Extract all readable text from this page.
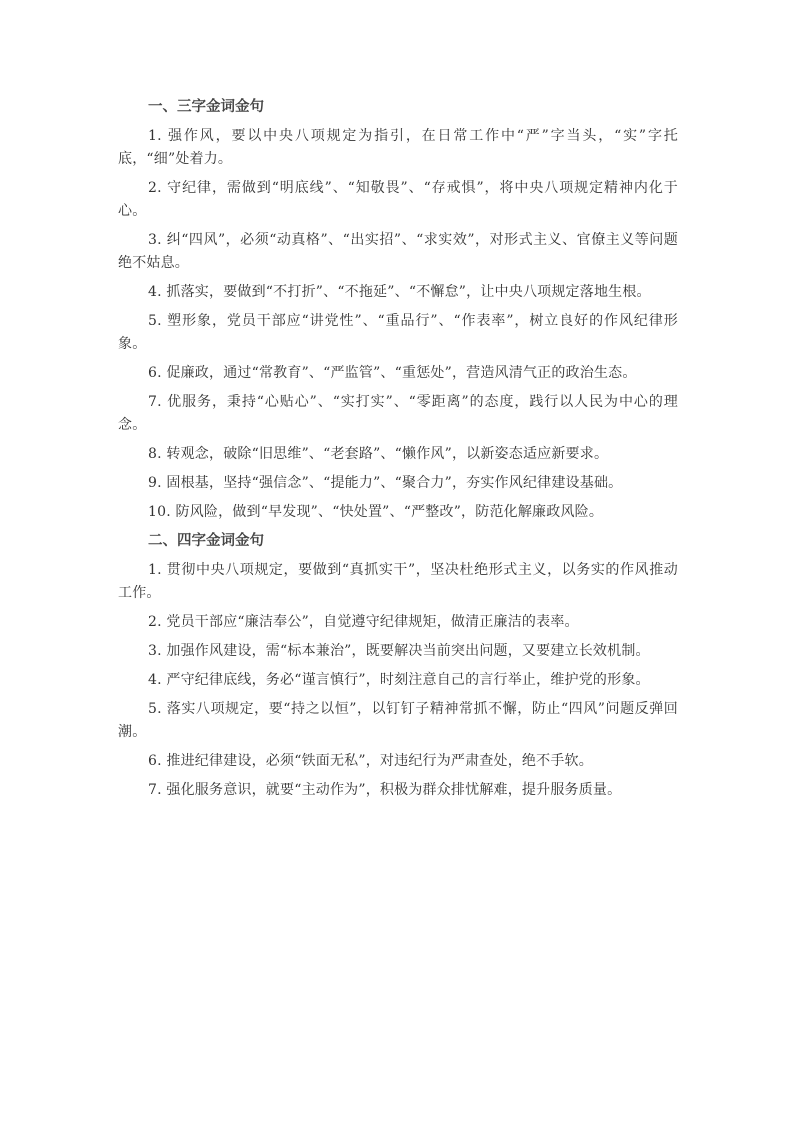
一、三字金词金句

1. 强作风，要以中央八项规定为指引，在日常工作中“严”字当头，“实”字托底，“细”处着力。

2. 守纪律，需做到“明底线”、“知敬畏”、“存戒惧”，将中央八项规定精神内化于心。

3. 纠“四风”，必须“动真格”、“出实招”、“求实效”，对形式主义、官僚主义等问题绝不姑息。

4. 抓落实，要做到“不打折”、“不拖延”、“不懈怠”，让中央八项规定落地生根。

5. 塑形象，党员干部应“讲党性”、“重品行”、“作表率”，树立良好的作风纪律形象。

6. 促廉政，通过“常教育”、“严监管”、“重惩处”，营造风清气正的政治生态。

7. 优服务，秉持“心贴心”、“实打实”、“零距离”的态度，践行以人民为中心的理念。

8. 转观念，破除“旧思维”、“老套路”、“懒作风”，以新姿态适应新要求。

9. 固根基，坚持“强信念”、“提能力”、“聚合力”，夯实作风纪律建设基础。

10. 防风险，做到“早发现”、“快处置”、“严整改”，防范化解廉政风险。

二、四字金词金句

1. 贯彻中央八项规定，要做到“真抓实干”，坚决杜绝形式主义，以务实的作风推动工作。

2. 党员干部应“廉洁奉公”，自觉遵守纪律规矩，做清正廉洁的表率。

3. 加强作风建设，需“标本兼治”，既要解决当前突出问题，又要建立长效机制。

4. 严守纪律底线，务必“谨言慎行”，时刻注意自己的言行举止，维护党的形象。

5. 落实八项规定，要“持之以恒”，以钉钉子精神常抓不懈，防止“四风”问题反弹回潮。

6. 推进纪律建设，必须“铁面无私”，对违纪行为严肃查处，绝不手软。

7. 强化服务意识，就要“主动作为”，积极为群众排忧解难，提升服务质量。
